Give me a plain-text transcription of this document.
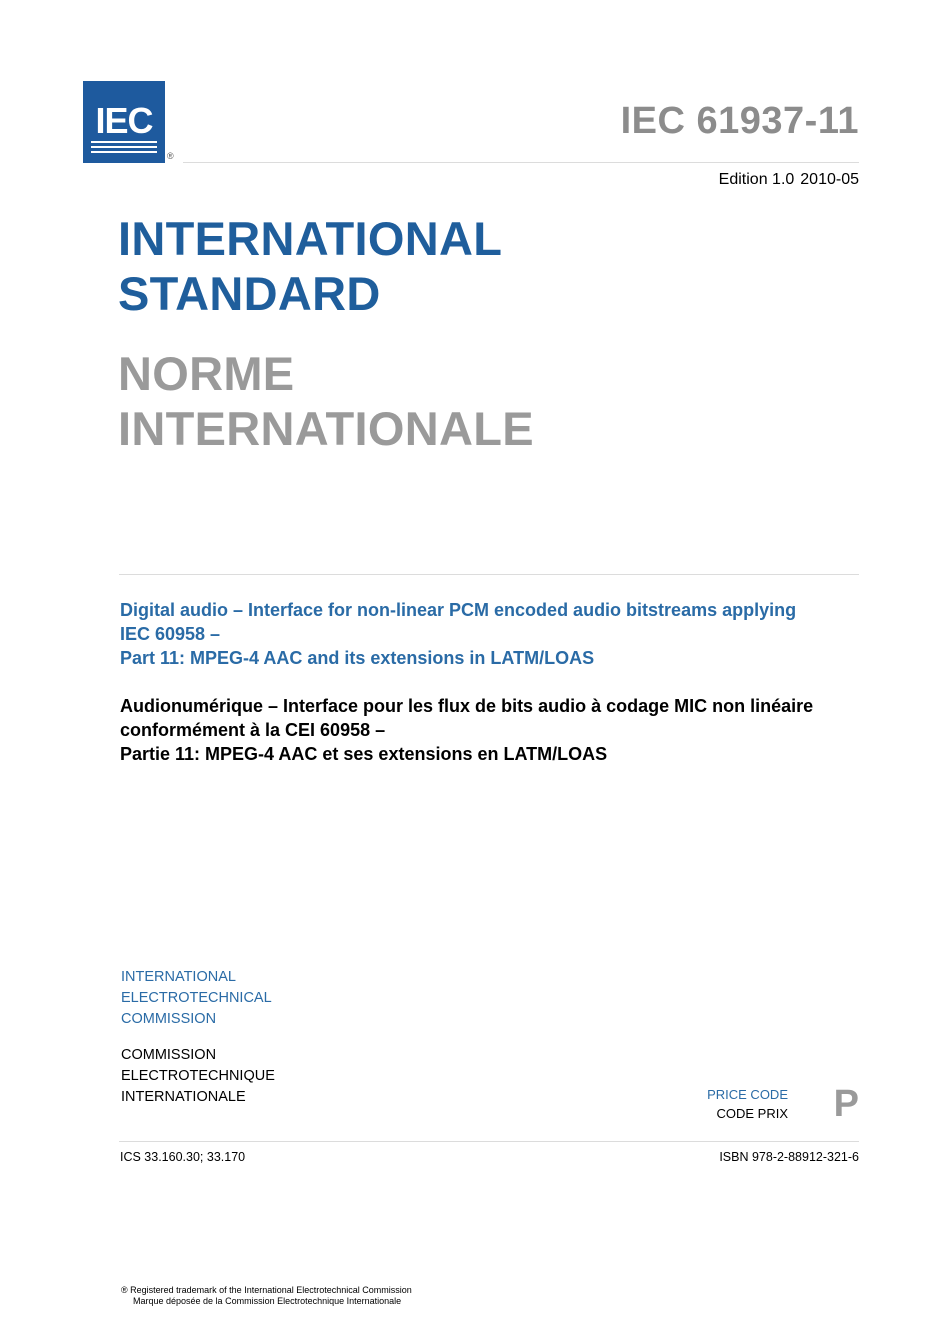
IEC
®
IEC 61937-11
Edition 1.0 2010-05
INTERNATIONAL
STANDARD
NORME
INTERNATIONALE
Digital audio – Interface for non-linear PCM encoded audio bitstreams applying
IEC 60958 –
Part 11: MPEG-4 AAC and its extensions in LATM/LOAS
Audionumérique – Interface pour les flux de bits audio à codage MIC non linéaire
conformément à la CEI 60958 –
Partie 11: MPEG-4 AAC et ses extensions en LATM/LOAS
INTERNATIONAL
ELECTROTECHNICAL
COMMISSION
COMMISSION
ELECTROTECHNIQUE
INTERNATIONALE	PRICE CODE
CODE PRIX P
ICS 33.160.30; 33.170	ISBN 978-2-88912-321-6
® Registered trademark of the International Electrotechnical Commission
Marque déposée de la Commission Electrotechnique Internationale
